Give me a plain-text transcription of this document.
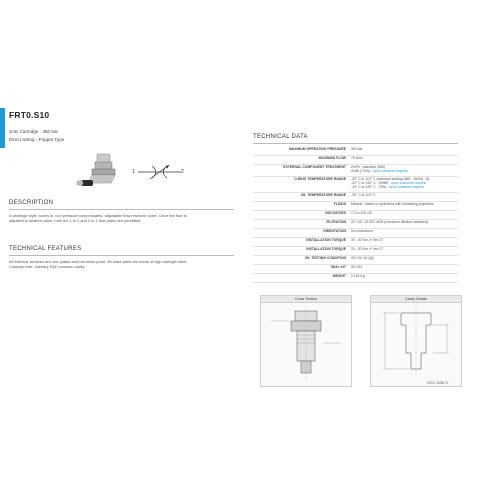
FRT0.S10
SAE Cartridge - 350 bar
Direct acting - Poppet Type
1	2
DESCRIPTION
A cartridge style, screw in, non pressure compensated, adjustable flow restrictor valve. Once the flow is
adjusted to desired value, both the 1 to 2 and 2 to 1 flow paths are permitted.
TECHNICAL FEATURES
All external surfaces are zinc plated and corrosion-proof. All valve parts are made of high strength steel.
Compact size. Industry SAE common cavity.
TECHNICAL DATA
MAXIMUM OPERATING PRESSURE 350 bar
MAXIMUM FLOW 70 l/min
EXTERNAL COMPONENT TREATMENT Zn/Fe - standard (Wht)
Zn/Ni (720h) - upon customer request
O-RING TEMPERATURE RANGE -30° C to 110° C (standard sealing NBR - BUNA - N)
-20° C to 140° C - HNBR - upon customer request
-20° C to 225° C - FKM - upon customer request
OIL TEMPERATURE RANGE -30° C to 110° C
FLUIDS Mineral - based or synthetics with lubricating properties
VISCOSITIES 7.4 to 420 cSt
FILTRATION 20 / 18 / 15 ISO 4406 (maximum filtration admitted)
ORIENTATION No restrictions
INSTALLATION TORQUE 35 - 40 Nm ✔ Hex 27
INSTALLATION TORQUE 15 - 20 Nm ✔ Hex 17
OIL TESTING CONDITION ISO VG 46 (@)
SEAL KIT SK.032
WEIGHT 0,154 Kg
Cross Section	Cavity Details
SCC.SAE.C
